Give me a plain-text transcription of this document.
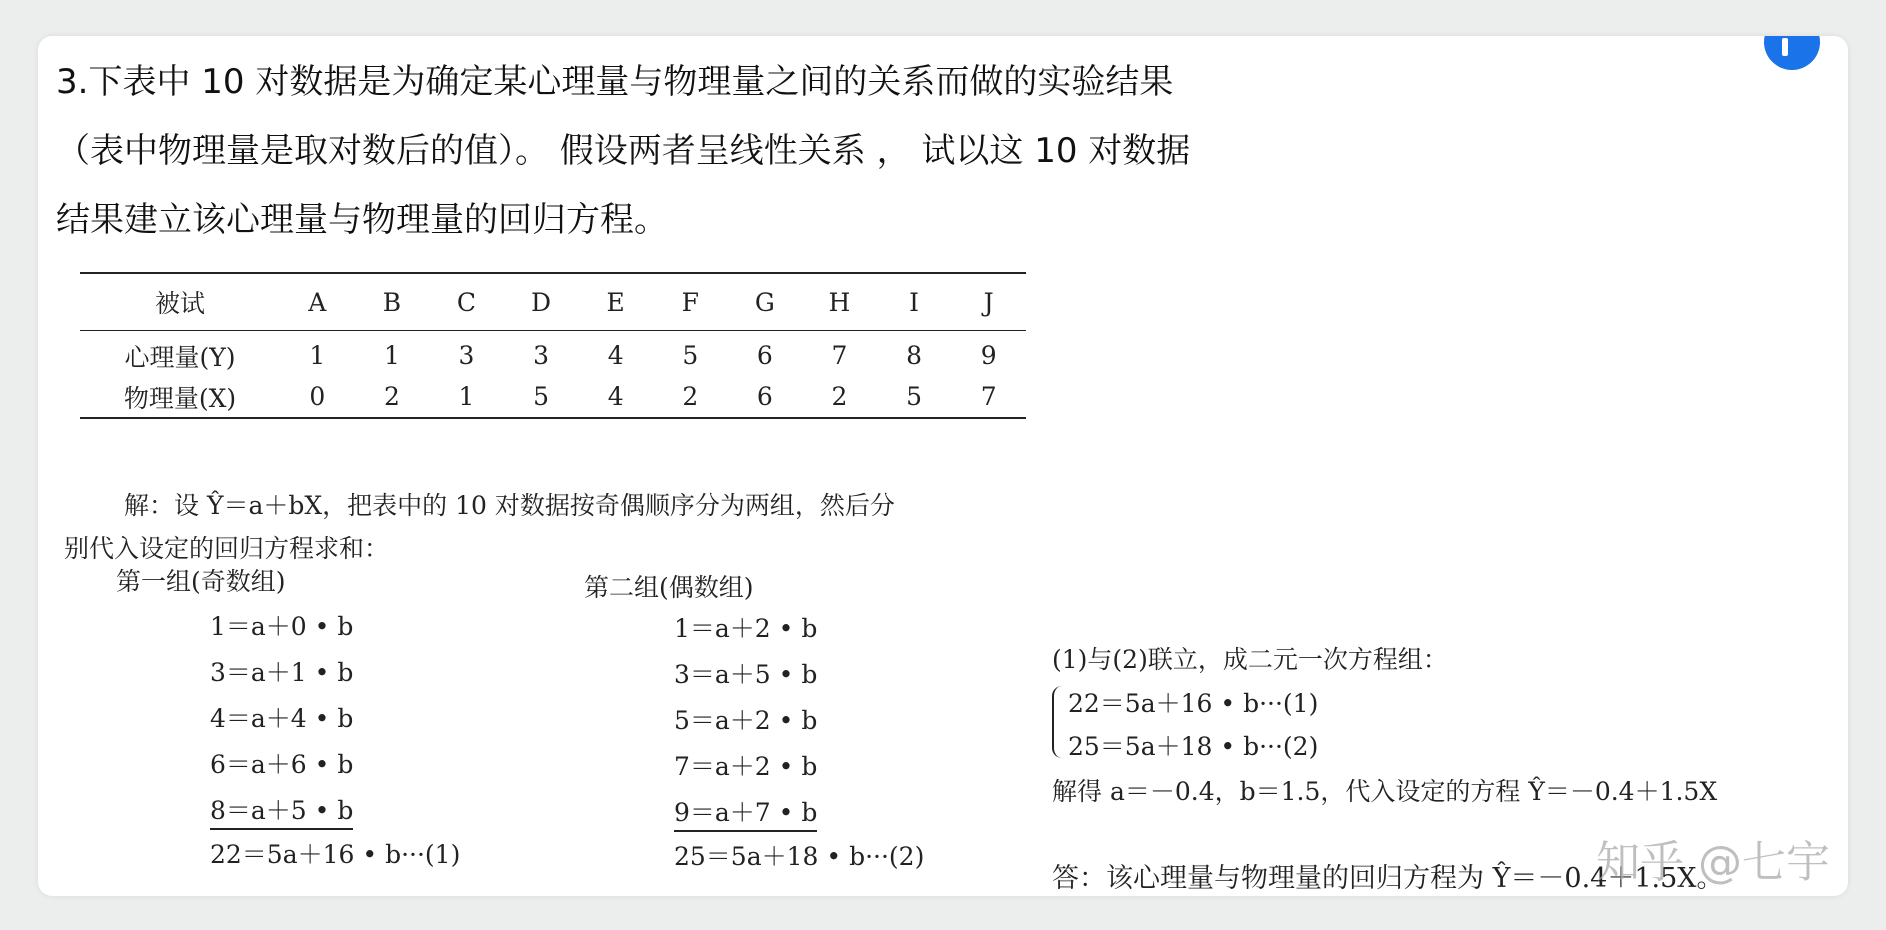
3.下表中 10 对数据是为确定某心理量与物理量之间的关系而做的实验结果

（表中物理量是取对数后的值）。 假设两者呈线性关系 ， 试以这 10 对数据

结果建立该心理量与物理量的回归方程。

被试	A	B	C	D	E	F	G	H	I	J
心理量(Y)	1	1	3	3	4	5	6	7	8	9
物理量(X)	0	2	1	5	4	2	6	2	5	7

解：设 Ŷ＝a＋bX，把表中的 10 对数据按奇偶顺序分为两组，然后分

别代入设定的回归方程求和：

第一组(奇数组)
1＝a＋0 • b
3＝a＋1 • b
4＝a＋4 • b
6＝a＋6 • b
8＝a＋5 • b
22＝5a＋16 • b···(1)
第二组(偶数组)
1＝a＋2 • b
3＝a＋5 • b
5＝a＋2 • b
7＝a＋2 • b
9＝a＋7 • b
25＝5a＋18 • b···(2)

(1)与(2)联立，成二元一次方程组：

22＝5a＋16 • b···(1)

25＝5a＋18 • b···(2)

解得 a＝－0.4，b＝1.5，代入设定的方程 Ŷ＝－0.4＋1.5X

答：该心理量与物理量的回归方程为 Ŷ＝－0.4＋1.5X。
知乎 @七宇
